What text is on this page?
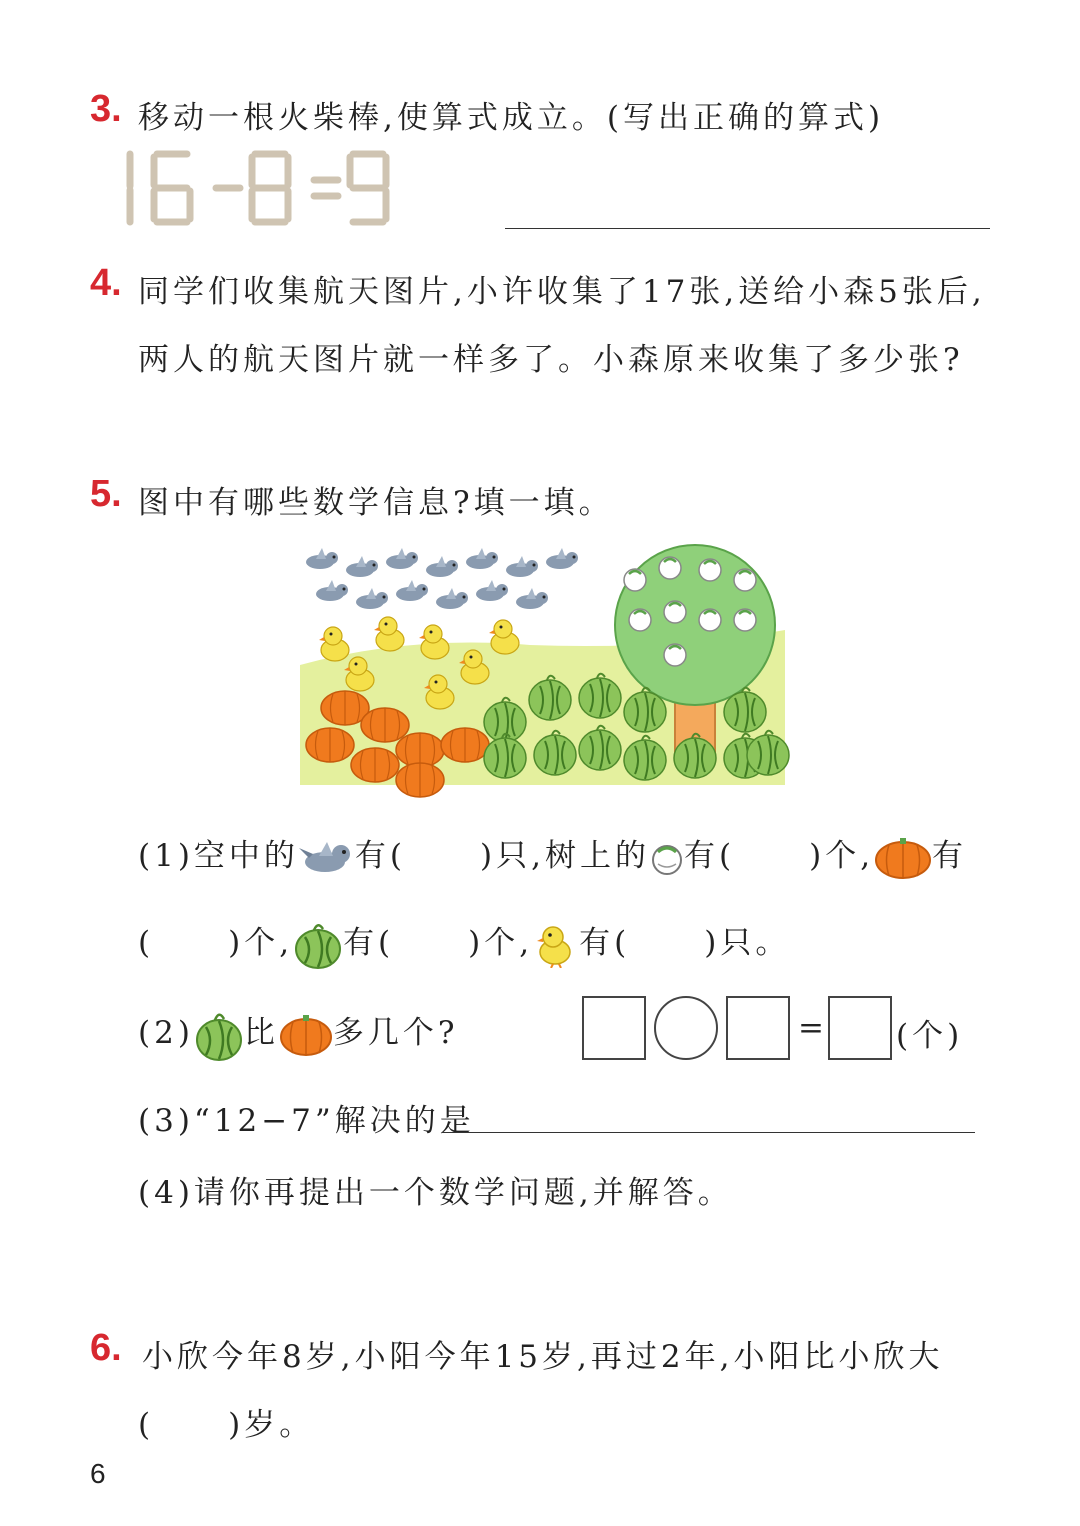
3. 移动一根火柴棒,使算式成立。(写出正确的算式)
4. 同学们收集航天图片,小许收集了17张,送给小森5张后,
两人的航天图片就一样多了。小森原来收集了多少张?
5. 图中有哪些数学信息?填一填。
(1)空中的 有( )只,树上的 有( )个, 有
( )个, 有( )个, 有( )只。
(2) 比 多几个?	= (个)
(3)“12−7”解决的是
(4)请你再提出一个数学问题,并解答。
6. 小欣今年8岁,小阳今年15岁,再过2年,小阳比小欣大
( )岁。
6
